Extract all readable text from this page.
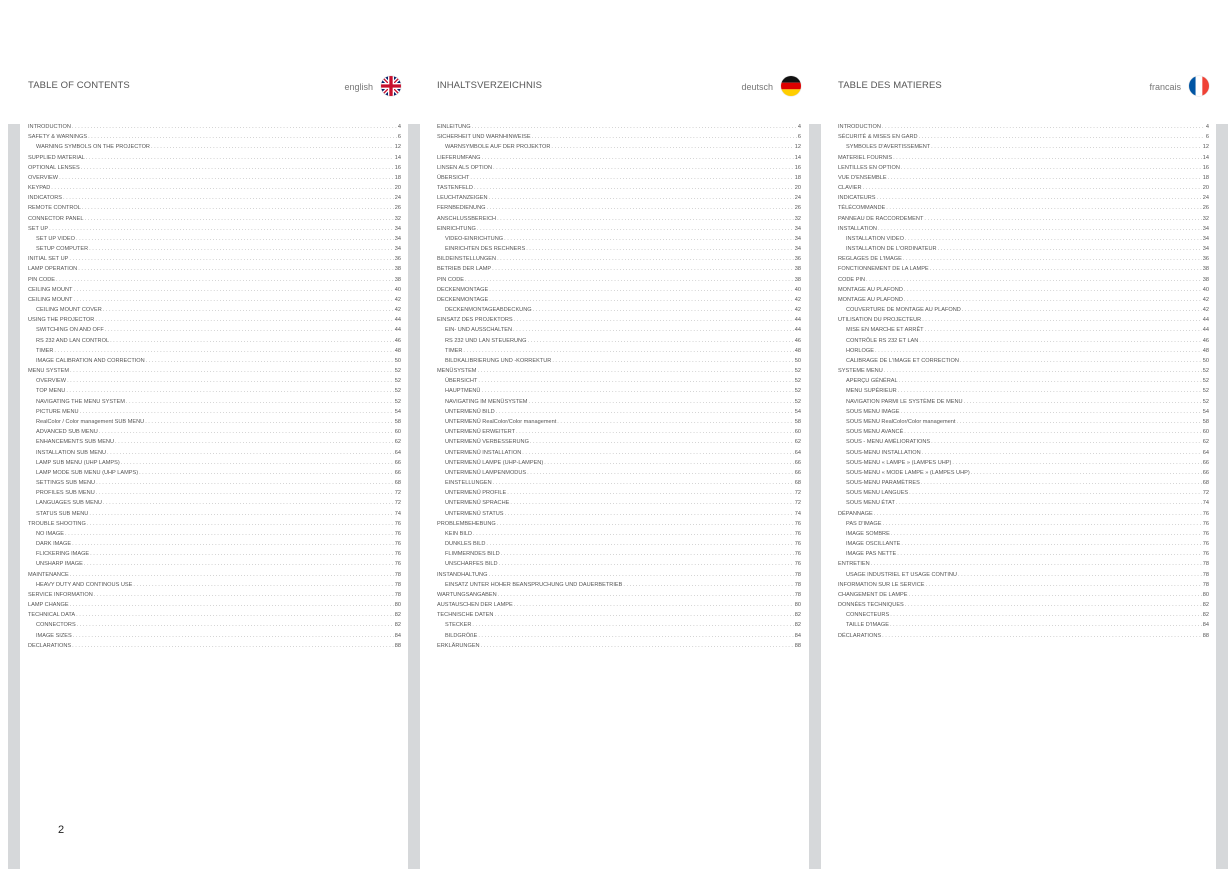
TABLE OF CONTENTS	english
INTRODUCTION . . .	4
SAFETY & WARNINGS . . .	6
WARNING SYMBOLS ON THE PROJECTOR . . .	12
SUPPLIED MATERIAL . . .	14
OPTIONAL LENSES . . .	16
OVERVIEW . . .	18
KEYPAD . . .	20
INDICATORS . . .	24
REMOTE CONTROL . . .	26
CONNECTOR PANEL . . .	32
SET UP . . .	34
SET UP VIDEO . . .	34
SETUP COMPUTER . . .	34
INITIAL SET UP . . .	36
LAMP OPERATION . . .	38
PIN CODE . . .	38
CEILING MOUNT . . .	40
CEILING MOUNT . . .	42
CEILING MOUNT COVER . . .	42
USING THE PROJECTOR . . .	44
SWITCHING ON AND OFF . . .	44
RS 232 AND LAN CONTROL . . .	46
TIMER . . .	48
IMAGE CALIBRATION AND CORRECTION . . .	50
MENU SYSTEM . . .	52
OVERVIEW . . .	52
TOP MENU . . .	52
NAVIGATING THE MENU SYSTEM . . .	52
PICTURE MENU . . .	54
RealColor / Color management SUB MENU . . .	58
ADVANCED SUB MENU . . .	60
ENHANCEMENTS SUB MENU . . .	62
INSTALLATION SUB MENU . . .	64
LAMP SUB MENU (UHP LAMPS) . . .	66
LAMP MODE SUB MENU (UHP LAMPS) . . .	66
SETTINGS SUB MENU . . .	68
PROFILES SUB MENU . . .	72
LANGUAGES SUB MENU . . .	72
STATUS SUB MENU . . .	74
TROUBLE SHOOTING . . .	76
NO IMAGE . . .	76
DARK IMAGE . . .	76
FLICKERING IMAGE . . .	76
UNSHARP IMAGE . . .	76
MAINTENANCE . . .	78
HEAVY DUTY AND CONTINOUS USE . . .	78
SERVICE INFORMATION . . .	78
LAMP CHANGE . . .	80
TECHNICAL DATA . . .	82
CONNECTORS . . .	82
IMAGE SIZES . . .	84
DECLARATIONS . . .	88
INHALTSVERZEICHNIS	deutsch
EINLEITUNG . . .	4
SICHERHEIT UND WARNHINWEISE . . .	6
WARNSYMBOLE AUF DER PROJEKTOR . . .	12
LIEFERUMFANG . . .	14
LINSEN ALS OPTION . . .	16
ÜBERSICHT . . .	18
TASTENFELD . . .	20
LEUCHTANZEIGEN . . .	24
FERNBEDIENUNG . . .	26
ANSCHLUSSBEREICH . . .	32
EINRICHTUNG . . .	34
VIDEO-EINRICHTUNG . . .	34
EINRICHTEN DES RECHNERS . . .	34
BILDEINSTELLUNGEN . . .	36
BETRIEB DER LAMP . . .	38
PIN CODE . . .	38
DECKENMONTAGE . . .	40
DECKENMONTAGE . . .	42
DECKENMONTAGEABDECKUNG . . .	42
EINSATZ DES PROJEKTORS . . .	44
EIN- UND AUSSCHALTEN . . .	44
RS 232 UND LAN STEUERUNG . . .	46
TIMER . . .	48
BILDKALIBRIERUNG UND -KORREKTUR . . .	50
MENÜSYSTEM . . .	52
ÜBERSICHT . . .	52
HAUPTMENÜ . . .	52
NAVIGATING IM MENÜSYSTEM . . .	52
UNTERMENÜ BILD . . .	54
UNTERMENÜ RealColor/Color management . . .	58
UNTERMENÜ ERWEITERT . . .	60
UNTERMENÜ VERBESSERUNG . . .	62
UNTERMENÜ INSTALLATION . . .	64
UNTERMENÜ LAMPE (UHP-LAMPEN) . . .	66
UNTERMENÜ LAMPENMODUS . . .	66
EINSTELLUNGEN . . .	68
UNTERMENÜ PROFILE . . .	72
UNTERMENÜ SPRACHE . . .	72
UNTERMENÜ STATUS . . .	74
PROBLEMBEHEBUNG . . .	76
KEIN BILD . . .	76
DUNKLES BILD . . .	76
FLIMMERNDES BILD . . .	76
UNSCHARFES BILD . . .	76
INSTANDHALTUNG . . .	78
EINSATZ UNTER HOHER BEANSPRUCHUNG UND DAUERBETRIEB . . .	78
WARTUNGSANGABEN . . .	78
AUSTAUSCHEN DER LAMPE . . .	80
TECHNISCHE DATEN . . .	82
STECKER . . .	82
BILDGRÖßE . . .	84
ERKLÄRUNGEN . . .	88
TABLE DES MATIERES	francais
INTRODUCTION . . .	4
SÉCURITÉ & MISES EN GARD . . .	6
SYMBOLES D'AVERTISSEMENT . . .	12
MATERIEL FOURNIS . . .	14
LENTILLES EN OPTION . . .	16
VUE D'ENSEMBLE . . .	18
CLAVIER . . .	20
INDICATEURS . . .	24
TÉLÉCOMMANDE . . .	26
PANNEAU DE RACCORDEMENT . . .	32
INSTALLATION . . .	34
INSTALLATION VIDEO . . .	34
INSTALLATION DE L'ORDINATEUR . . .	34
REGLAGES DE L'IMAGE . . .	36
FONCTIONNEMENT DE LA LAMPE . . .	38
CODE PIN . . .	38
MONTAGE AU PLAFOND . . .	40
MONTAGE AU PLAFOND . . .	42
COUVERTURE DE MONTAGE AU PLAFOND . . .	42
UTILISATION DU PROJECTEUR . . .	44
MISE EN MARCHE ET ARRÊT . . .	44
CONTRÔLE RS 232 ET LAN . . .	46
HORLOGE . . .	48
CALIBRAGE DE L'IMAGE ET CORRECTION . . .	50
SYSTEME MENU . . .	52
APERÇU GÉNÉRAL . . .	52
MENU SUPÉRIEUR . . .	52
NAVIGATION PARMI LE SYSTÈME DE MENU . . .	52
SOUS MENU IMAGE . . .	54
SOUS MENU RealColor/Color management . . .	58
SOUS MENU AVANCÉ . . .	60
SOUS - MENU AMÉLIORATIONS . . .	62
SOUS-MENU INSTALLATION . . .	64
SOUS-MENU « LAMPE » (LAMPES UHP) . . .	66
SOUS-MENU « MODE LAMPE » (LAMPES UHP) . . .	66
SOUS-MENU PARAMÈTRES . . .	68
SOUS MENU LANGUES . . .	72
SOUS MENU ÉTAT . . .	74
DÉPANNAGE . . .	76
PAS D'IMAGE . . .	76
IMAGE SOMBRE . . .	76
IMAGE OSCILLANTE . . .	76
IMAGE PAS NETTE . . .	76
ENTRETIEN . . .	78
USAGE INDUSTRIEL ET USAGE CONTINU . . .	78
INFORMATION SUR LE SERVICE . . .	78
CHANGEMENT DE LAMPE . . .	80
DONNÉES TECHNIQUES . . .	82
CONNECTEURS . . .	82
TAILLE D'IMAGE . . .	84
DÉCLARATIONS . . .	88
2
